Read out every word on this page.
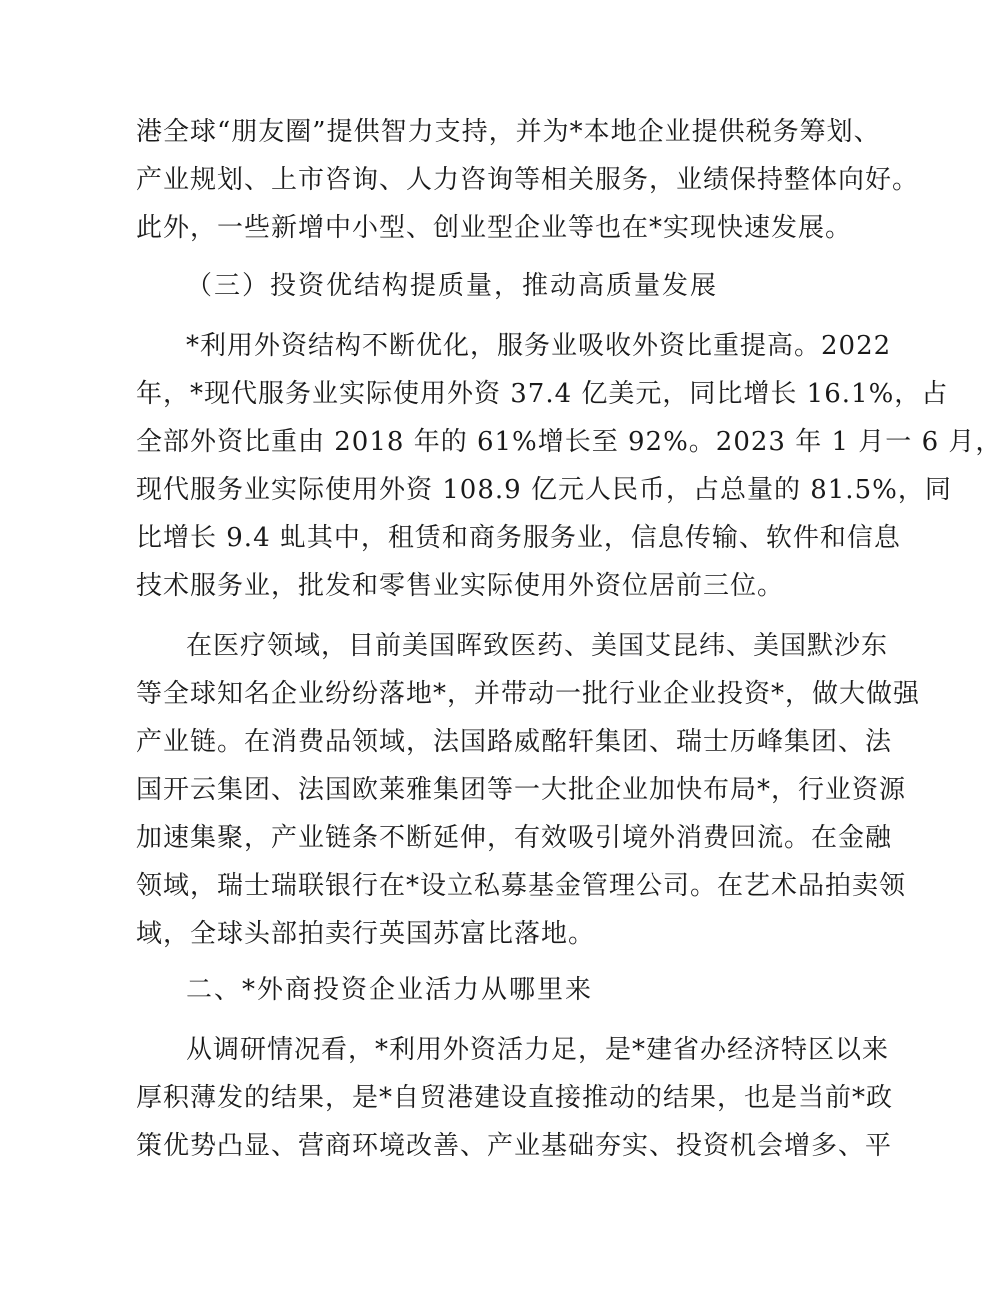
港全球“朋友圈”提供智力支持，并为*本地企业提供税务筹划、
产业规划、上市咨询、人力咨询等相关服务，业绩保持整体向好。
此外，一些新增中小型、创业型企业等也在*实现快速发展。
（三）投资优结构提质量，推动高质量发展
*利用外资结构不断优化，服务业吸收外资比重提高。2022
年，*现代服务业实际使用外资 37.4 亿美元，同比增长 16.1%，占
全部外资比重由 2018 年的 61%增长至 92%。2023 年 1 月一 6 月，
现代服务业实际使用外资 108.9 亿元人民币，占总量的 81.5%，同
比增长 9.4 虬其中，租赁和商务服务业，信息传输、软件和信息
技术服务业，批发和零售业实际使用外资位居前三位。
在医疗领域，目前美国晖致医药、美国艾昆纬、美国默沙东
等全球知名企业纷纷落地*，并带动一批行业企业投资*，做大做强
产业链。在消费品领域，法国路威酩轩集团、瑞士历峰集团、法
国开云集团、法国欧莱雅集团等一大批企业加快布局*，行业资源
加速集聚，产业链条不断延伸，有效吸引境外消费回流。在金融
领域，瑞士瑞联银行在*设立私募基金管理公司。在艺术品拍卖领
域，全球头部拍卖行英国苏富比落地。
二、*外商投资企业活力从哪里来
从调研情况看，*利用外资活力足，是*建省办经济特区以来
厚积薄发的结果，是*自贸港建设直接推动的结果，也是当前*政
策优势凸显、营商环境改善、产业基础夯实、投资机会增多、平
